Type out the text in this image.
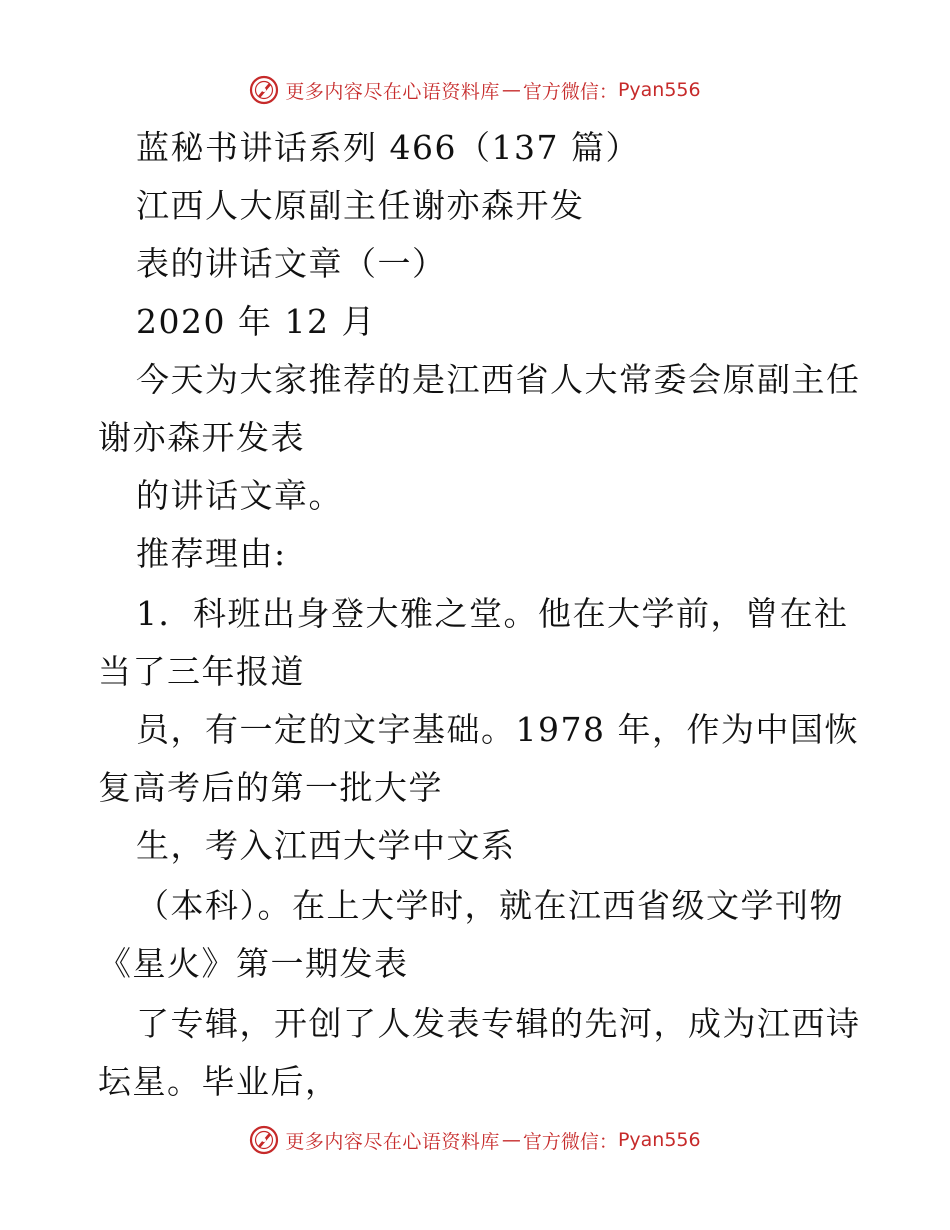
更多内容尽在心语资料库 — 官方微信： Pyan556
蓝秘书讲话系列 466（137 篇）
江西人大原副主任谢亦森开发
表的讲话文章（一）
2020 年 12 月
今天为大家推荐的是江西省人大常委会原副主任
谢亦森开发表
的讲话文章。
推荐理由:
1．科班出身登大雅之堂。他在大学前，曾在社
当了三年报道
员，有一定的文字基础。1978 年，作为中国恢
复高考后的第一批大学
生，考入江西大学中文系
（本科）。在上大学时，就在江西省级文学刊物
《星火》第一期发表
了专辑，开创了人发表专辑的先河，成为江西诗
坛星。毕业后，
更多内容尽在心语资料库 — 官方微信： Pyan556
